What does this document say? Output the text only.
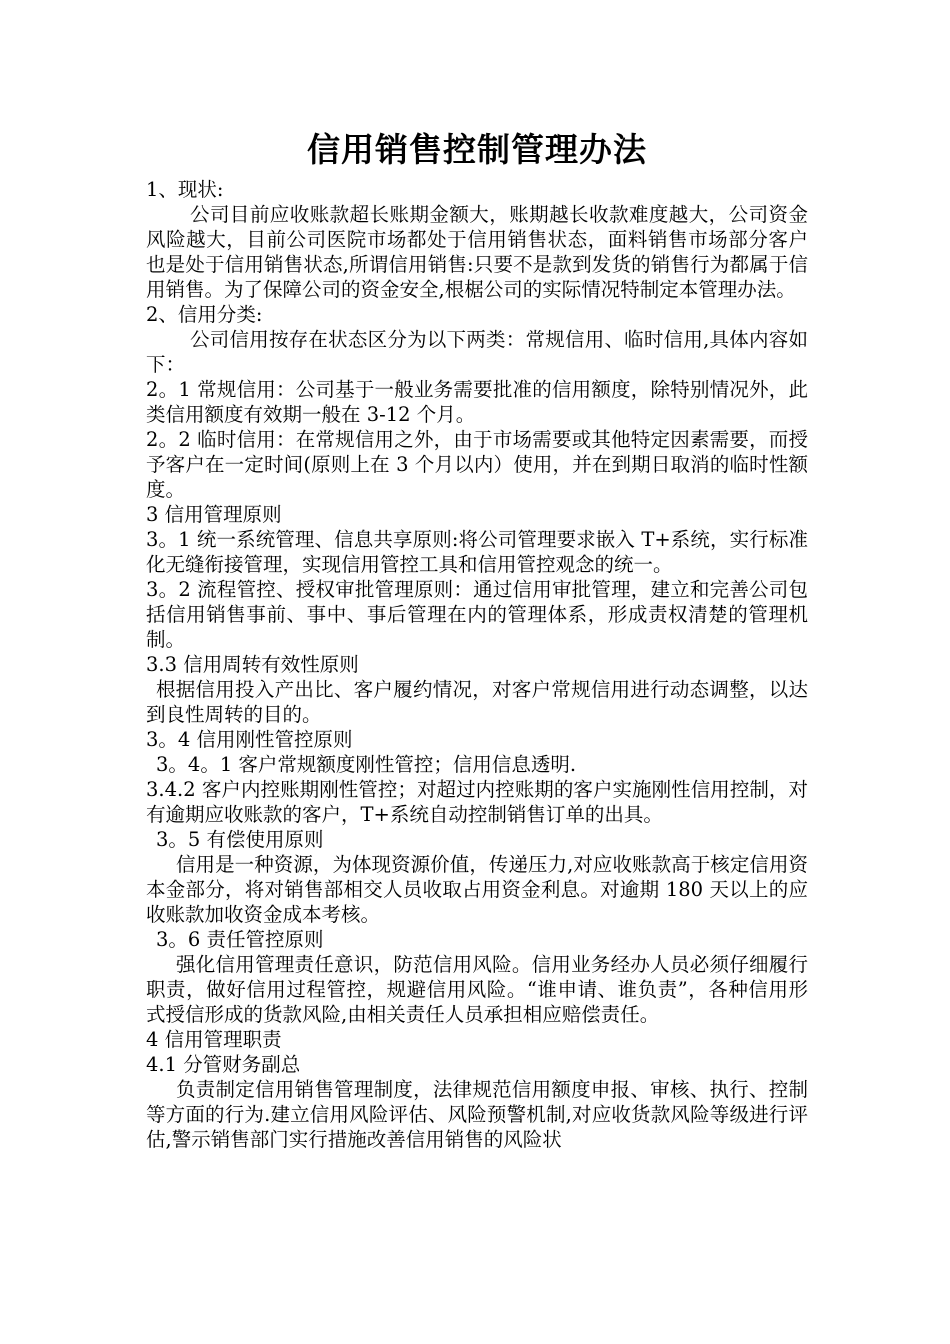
信用销售控制管理办法

1、现状:

公司目前应收账款超长账期金额大，账期越长收款难度越大，公司资金风险越大，目前公司医院市场都处于信用销售状态，面料销售市场部分客户也是处于信用销售状态,所谓信用销售:只要不是款到发货的销售行为都属于信用销售。为了保障公司的资金安全,根椐公司的实际情况特制定本管理办法。

2、信用分类:

公司信用按存在状态区分为以下两类：常规信用、临时信用,具体内容如下：

2。1 常规信用：公司基于一般业务需要批准的信用额度，除特别情况外，此类信用额度有效期一般在 3-12 个月。

2。2 临时信用：在常规信用之外，由于市场需要或其他特定因素需要，而授予客户在一定时间(原则上在 3 个月以内）使用，并在到期日取消的临时性额度。

3 信用管理原则

3。1 统一系统管理、信息共享原则:将公司管理要求嵌入 T+系统，实行标准化无缝衔接管理，实现信用管控工具和信用管控观念的统一。

3。2 流程管控、授权审批管理原则：通过信用审批管理，建立和完善公司包括信用销售事前、事中、事后管理在内的管理体系，形成责权清楚的管理机制。

3.3 信用周转有效性原则

根据信用投入产出比、客户履约情况，对客户常规信用进行动态调整，以达到良性周转的目的。

3。4 信用刚性管控原则

3。4。1 客户常规额度刚性管控；信用信息透明.

3.4.2 客户内控账期刚性管控；对超过内控账期的客户实施刚性信用控制，对有逾期应收账款的客户，T+系统自动控制销售订单的出具。

3。5 有偿使用原则

信用是一种资源，为体现资源价值，传递压力,对应收账款高于核定信用资本金部分，将对销售部相交人员收取占用资金利息。对逾期 180 天以上的应收账款加收资金成本考核。

3。6 责任管控原则

强化信用管理责任意识，防范信用风险。信用业务经办人员必须仔细履行职责，做好信用过程管控，规避信用风险。“谁申请、谁负责”，各种信用形式授信形成的货款风险,由相关责任人员承担相应赔偿责任。

4 信用管理职责

4.1 分管财务副总

负责制定信用销售管理制度，法律规范信用额度申报、审核、执行、控制等方面的行为.建立信用风险评估、风险预警机制,对应收货款风险等级进行评估,警示销售部门实行措施改善信用销售的风险状
